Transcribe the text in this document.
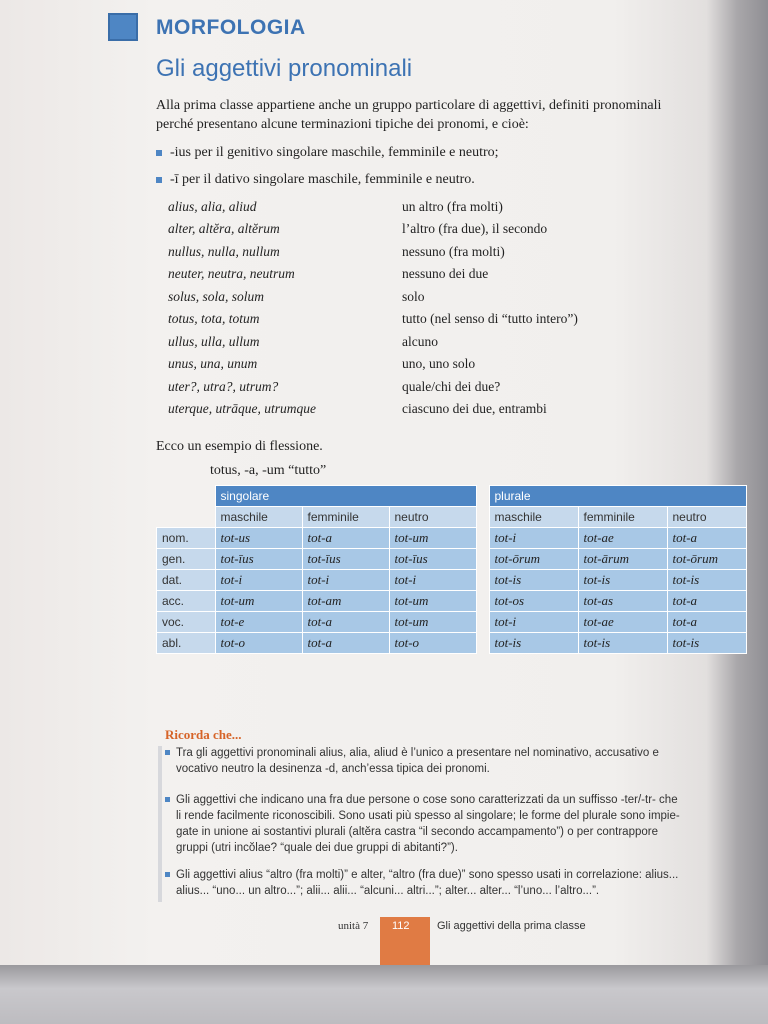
MORFOLOGIA
Gli aggettivi pronominali
Alla prima classe appartiene anche un gruppo particolare di aggettivi, definiti pronominali
perché presentano alcune terminazioni tipiche dei pronomi, e cioè:
-ius per il genitivo singolare maschile, femminile e neutro;
-ī per il dativo singolare maschile, femminile e neutro.
alius, alia, aliud	un altro (fra molti)
alter, altĕra, altĕrum	l’altro (fra due), il secondo
nullus, nulla, nullum	nessuno (fra molti)
neuter, neutra, neutrum	nessuno dei due
solus, sola, solum	solo
totus, tota, totum	tutto (nel senso di “tutto intero”)
ullus, ulla, ullum	alcuno
unus, una, unum	uno, uno solo
uter?, utra?, utrum?	quale/chi dei due?
uterque, utrāque, utrumque	ciascuno dei due, entrambi
Ecco un esempio di flessione.
totus, -a, -um “tutto”
	singolare				plurale		
	maschile	femminile	neutro		maschile	femminile	neutro
nom.	tot-us	tot-a	tot-um		tot-i	tot-ae	tot-a
gen.	tot-īus	tot-īus	tot-īus		tot-ōrum	tot-ārum	tot-ōrum
dat.	tot-i	tot-i	tot-i		tot-is	tot-is	tot-is
acc.	tot-um	tot-am	tot-um		tot-os	tot-as	tot-a
voc.	tot-e	tot-a	tot-um		tot-i	tot-ae	tot-a
abl.	tot-o	tot-a	tot-o		tot-is	tot-is	tot-is
Ricorda che...
Tra gli aggettivi pronominali alius, alia, aliud è l’unico a presentare nel nominativo, accusativo e
vocativo neutro la desinenza -d, anch’essa tipica dei pronomi.
Gli aggettivi che indicano una fra due persone o cose sono caratterizzati da un suffisso -ter/-tr- che
li rende facilmente riconoscibili. Sono usati più spesso al singolare; le forme del plurale sono impie-
gate in unione ai sostantivi plurali (altĕra castra “il secondo accampamento”) o per contrappore
gruppi (utri incŏlae? “quale dei due gruppi di abitanti?”).
Gli aggettivi alius “altro (fra molti)” e alter, “altro (fra due)” sono spesso usati in correlazione: alius...
alius... “uno... un altro...”; alii... alii... “alcuni... altri...”; alter... alter... “l’uno... l’altro...”.
unità 7 112 Gli aggettivi della prima classe
